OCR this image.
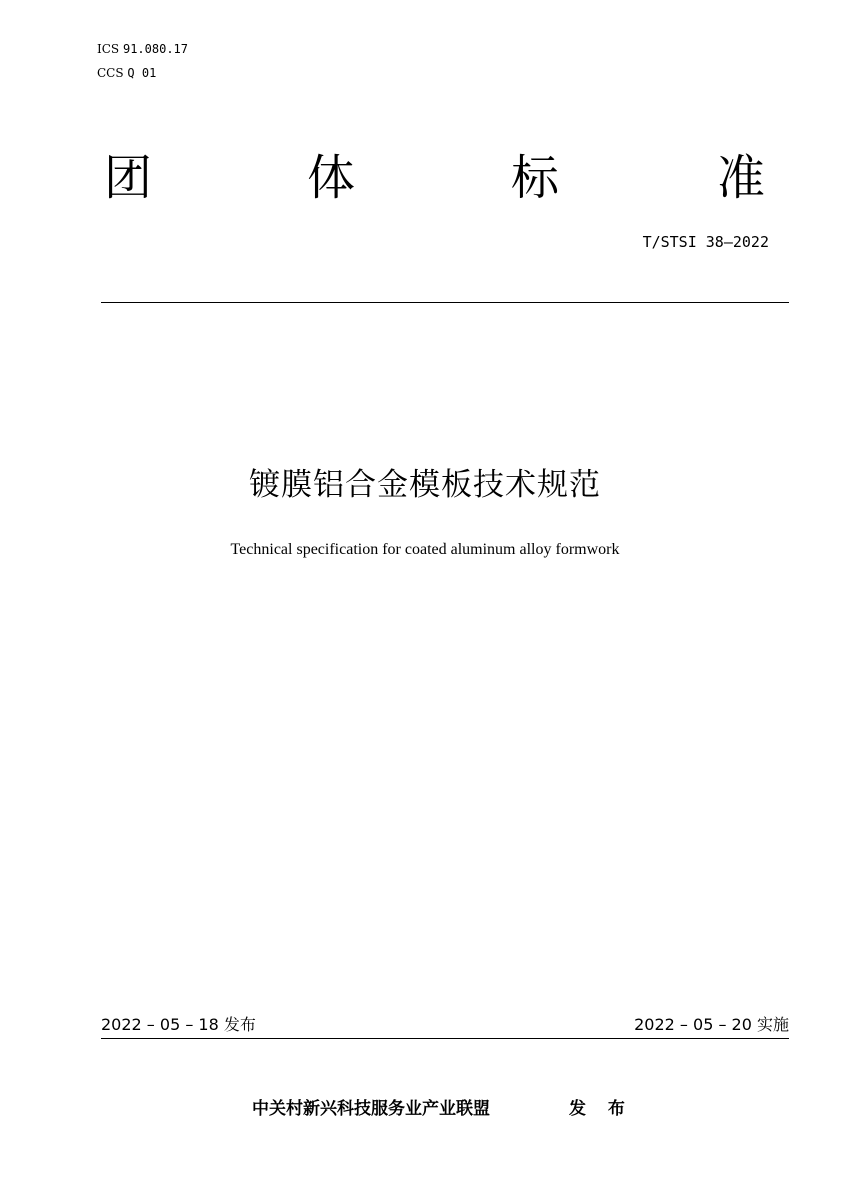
ICS 91.080.17
CCS Q 01
团	体	标	准
T/STSI 38—2022
镀膜铝合金模板技术规范
Technical specification for coated aluminum alloy formwork
2022 – 05 – 18 发布	2022 – 05 – 20 实施
中关村新兴科技服务业产业联盟	发 布
